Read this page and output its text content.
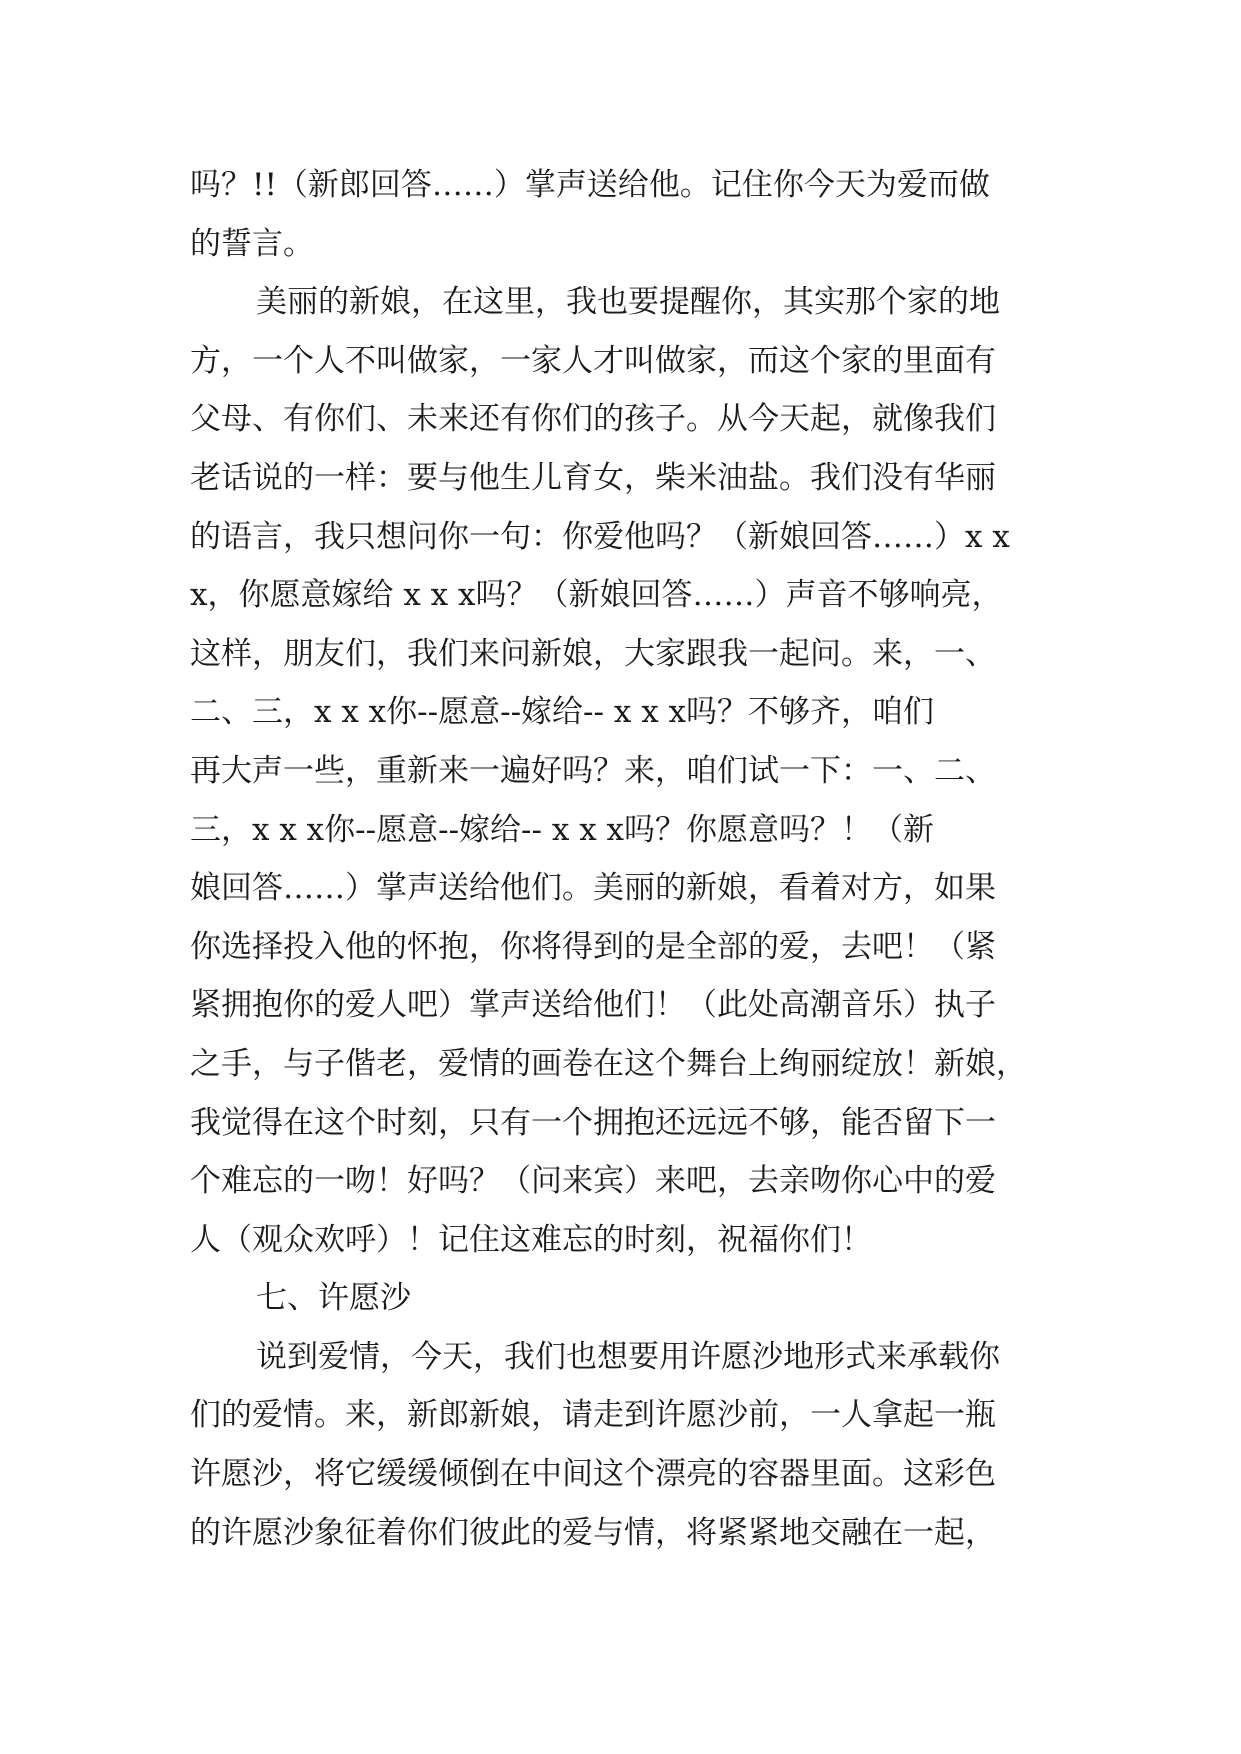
吗？!!（新郎回答……）掌声送给他。记住你今天为爱而做
的誓言。
美丽的新娘，在这里，我也要提醒你，其实那个家的地
方，一个人不叫做家，一家人才叫做家，而这个家的里面有
父母、有你们、未来还有你们的孩子。从今天起，就像我们
老话说的一样：要与他生儿育女，柴米油盐。我们没有华丽
的语言，我只想问你一句：你爱他吗？（新娘回答……）x x
x，你愿意嫁给 x x x吗？（新娘回答……）声音不够响亮，
这样，朋友们，我们来问新娘，大家跟我一起问。来，一、
二、三，x x x你--愿意--嫁给-- x x x吗？不够齐，咱们
再大声一些，重新来一遍好吗？来，咱们试一下：一、二、
三，x x x你--愿意--嫁给-- x x x吗？你愿意吗？！（新
娘回答……）掌声送给他们。美丽的新娘，看着对方，如果
你选择投入他的怀抱，你将得到的是全部的爱，去吧！（紧
紧拥抱你的爱人吧）掌声送给他们！（此处高潮音乐）执子
之手，与子偕老，爱情的画卷在这个舞台上绚丽绽放！新娘，
我觉得在这个时刻，只有一个拥抱还远远不够，能否留下一
个难忘的一吻！好吗？（问来宾）来吧，去亲吻你心中的爱
人（观众欢呼）！记住这难忘的时刻，祝福你们！
七、许愿沙
说到爱情，今天，我们也想要用许愿沙地形式来承载你
们的爱情。来，新郎新娘，请走到许愿沙前，一人拿起一瓶
许愿沙，将它缓缓倾倒在中间这个漂亮的容器里面。这彩色
的许愿沙象征着你们彼此的爱与情，将紧紧地交融在一起，
